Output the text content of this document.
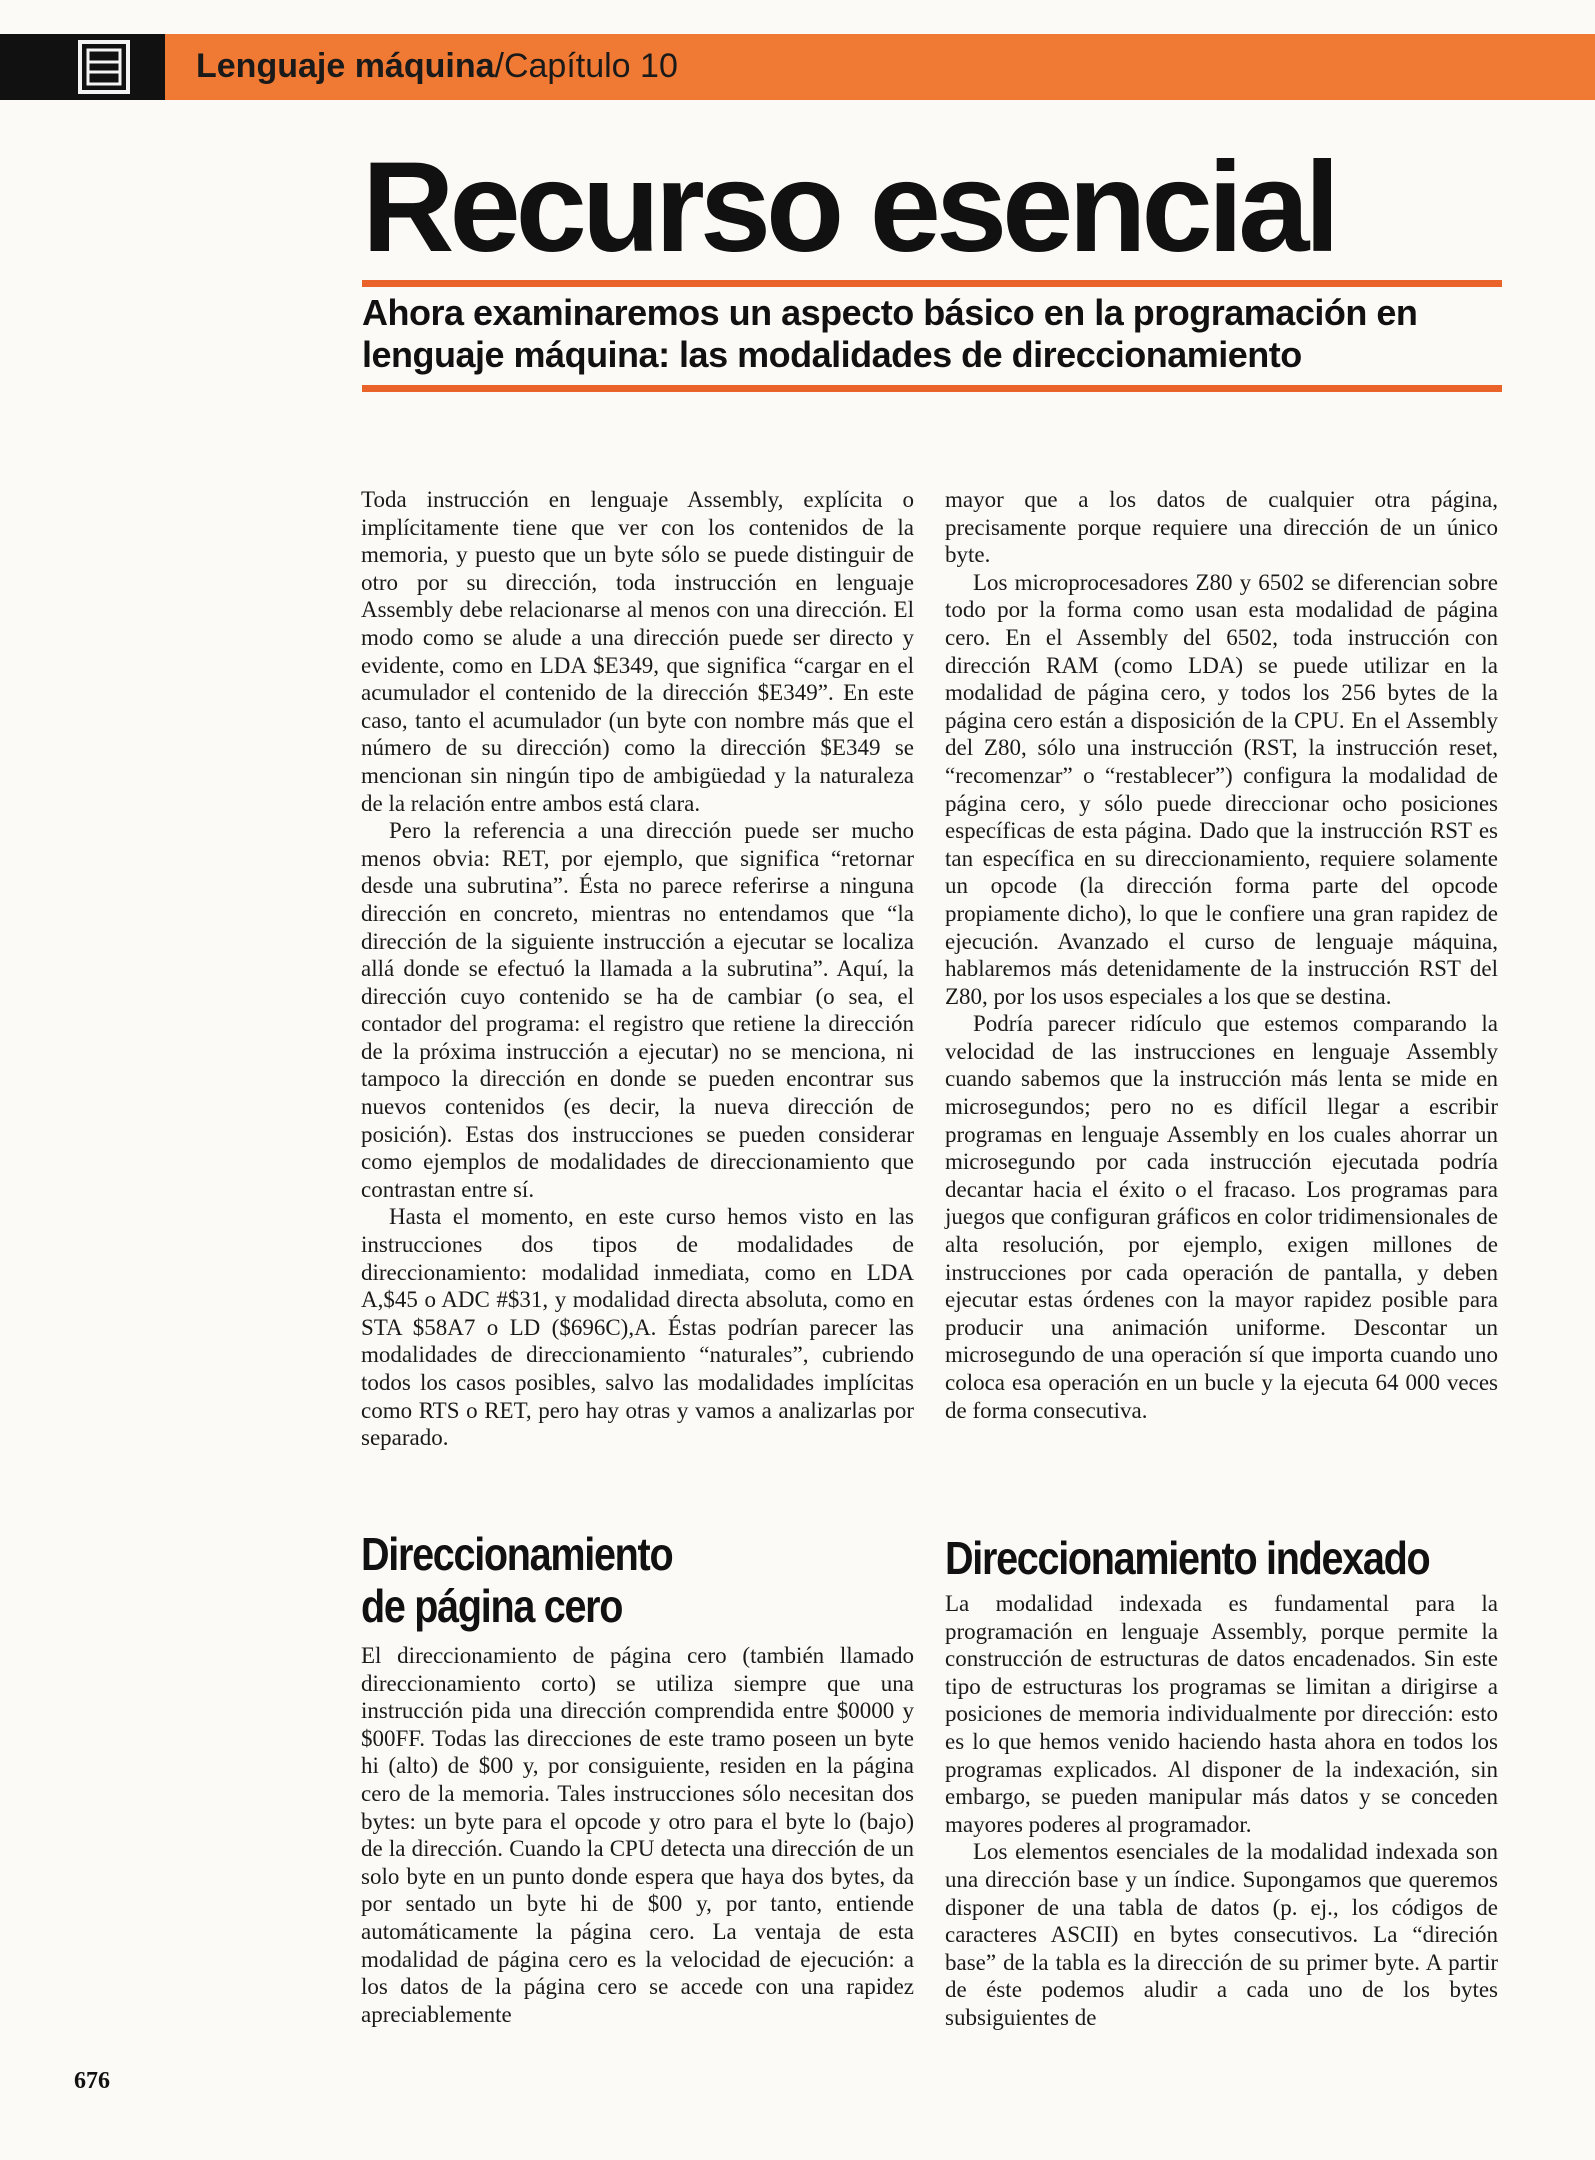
Lenguaje máquina/Capítulo 10
Recurso esencial
Ahora examinaremos un aspecto básico en la programación en lenguaje máquina: las modalidades de direccionamiento

Toda instrucción en lenguaje Assembly, explícita o implícitamente tiene que ver con los contenidos de la memoria, y puesto que un byte sólo se puede distinguir de otro por su dirección, toda instrucción en lenguaje Assembly debe relacionarse al menos con una dirección. El modo como se alude a una dirección puede ser directo y evidente, como en LDA $E349, que significa “cargar en el acumulador el contenido de la dirección $E349”. En este caso, tanto el acumulador (un byte con nombre más que el número de su dirección) como la dirección $E349 se mencionan sin ningún tipo de ambigüedad y la naturaleza de la relación entre ambos está clara.

Pero la referencia a una dirección puede ser mucho menos obvia: RET, por ejemplo, que significa “retornar desde una subrutina”. Ésta no parece referirse a ninguna dirección en concreto, mientras no entendamos que “la dirección de la siguiente instrucción a ejecutar se localiza allá donde se efectuó la llamada a la subrutina”. Aquí, la dirección cuyo contenido se ha de cambiar (o sea, el contador del programa: el registro que retiene la dirección de la próxima instrucción a ejecutar) no se menciona, ni tampoco la dirección en donde se pueden encontrar sus nuevos contenidos (es decir, la nueva dirección de posición). Estas dos instrucciones se pueden considerar como ejemplos de modalidades de direccionamiento que contrastan entre sí.

Hasta el momento, en este curso hemos visto en las instrucciones dos tipos de modalidades de direccionamiento: modalidad inmediata, como en LDA A,$45 o ADC #$31, y modalidad directa absoluta, como en STA $58A7 o LD ($696C),A. Éstas podrían parecer las modalidades de direccionamiento “naturales”, cubriendo todos los casos posibles, salvo las modalidades implícitas como RTS o RET, pero hay otras y vamos a analizarlas por separado.

Direccionamiento
de página cero

El direccionamiento de página cero (también llamado direccionamiento corto) se utiliza siempre que una instrucción pida una dirección comprendida entre $0000 y $00FF. Todas las direcciones de este tramo poseen un byte hi (alto) de $00 y, por consiguiente, residen en la página cero de la memoria. Tales instrucciones sólo necesitan dos bytes: un byte para el opcode y otro para el byte lo (bajo) de la dirección. Cuando la CPU detecta una dirección de un solo byte en un punto donde espera que haya dos bytes, da por sentado un byte hi de $00 y, por tanto, entiende automáticamente la página cero. La ventaja de esta modalidad de página cero es la velocidad de ejecución: a los datos de la página cero se accede con una rapidez apreciablemente

mayor que a los datos de cualquier otra página, precisamente porque requiere una dirección de un único byte.

Los microprocesadores Z80 y 6502 se diferencian sobre todo por la forma como usan esta modalidad de página cero. En el Assembly del 6502, toda instrucción con dirección RAM (como LDA) se puede utilizar en la modalidad de página cero, y todos los 256 bytes de la página cero están a disposición de la CPU. En el Assembly del Z80, sólo una instrucción (RST, la instrucción reset, “recomenzar” o “restablecer”) configura la modalidad de página cero, y sólo puede direccionar ocho posiciones específicas de esta página. Dado que la instrucción RST es tan específica en su direccionamiento, requiere solamente un opcode (la dirección forma parte del opcode propiamente dicho), lo que le confiere una gran rapidez de ejecución. Avanzado el curso de lenguaje máquina, hablaremos más detenidamente de la instrucción RST del Z80, por los usos especiales a los que se destina.

Podría parecer ridículo que estemos comparando la velocidad de las instrucciones en lenguaje Assembly cuando sabemos que la instrucción más lenta se mide en microsegundos; pero no es difícil llegar a escribir programas en lenguaje Assembly en los cuales ahorrar un microsegundo por cada instrucción ejecutada podría decantar hacia el éxito o el fracaso. Los programas para juegos que configuran gráficos en color tridimensionales de alta resolución, por ejemplo, exigen millones de instrucciones por cada operación de pantalla, y deben ejecutar estas órdenes con la mayor rapidez posible para producir una animación uniforme. Descontar un microsegundo de una operación sí que importa cuando uno coloca esa operación en un bucle y la ejecuta 64 000 veces de forma consecutiva.

Direccionamiento indexado

La modalidad indexada es fundamental para la programación en lenguaje Assembly, porque permite la construcción de estructuras de datos encadenados. Sin este tipo de estructuras los programas se limitan a dirigirse a posiciones de memoria individualmente por dirección: esto es lo que hemos venido haciendo hasta ahora en todos los programas explicados. Al disponer de la indexación, sin embargo, se pueden manipular más datos y se conceden mayores poderes al programador.

Los elementos esenciales de la modalidad indexada son una dirección base y un índice. Supongamos que queremos disponer de una tabla de datos (p. ej., los códigos de caracteres ASCII) en bytes consecutivos. La “direción base” de la tabla es la dirección de su primer byte. A partir de éste podemos aludir a cada uno de los bytes subsiguientes de

676
